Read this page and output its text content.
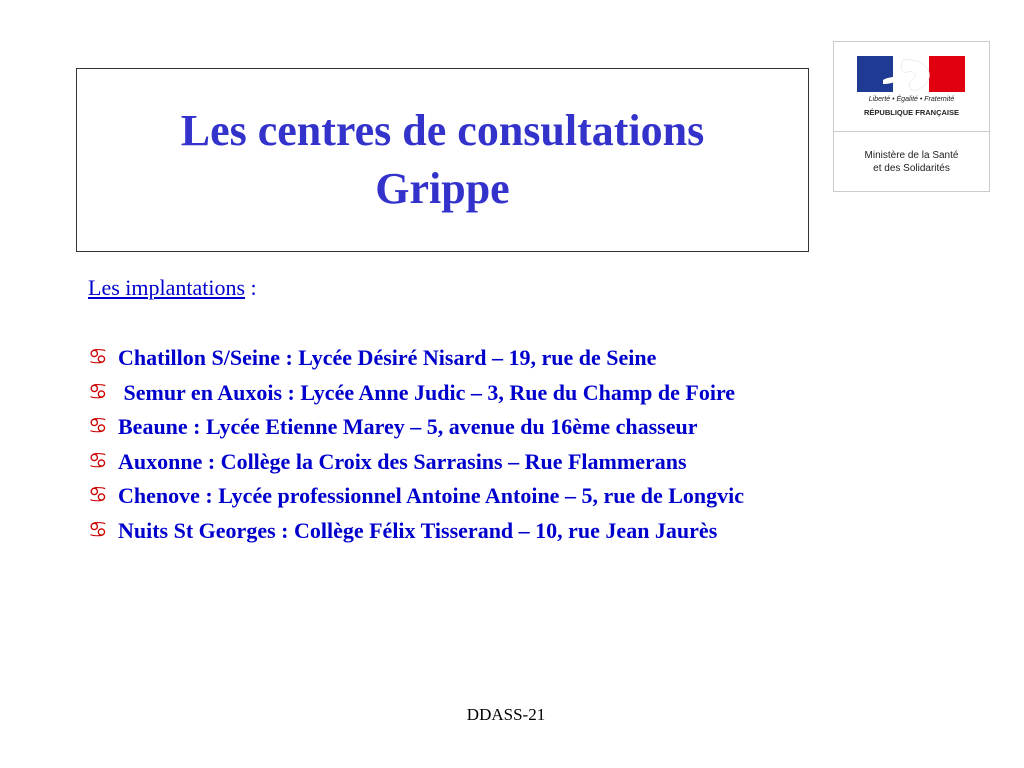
Les centres de consultations
Grippe
Liberté • Égalité • Fraternité
RÉPUBLIQUE FRANÇAISE
Ministère de la Santé
et des Solidarités
Les implantations :
♋ Chatillon S/Seine : Lycée Désiré Nisard – 19, rue de Seine
♋ Semur en Auxois : Lycée Anne Judic – 3, Rue du Champ de Foire
♋ Beaune : Lycée Etienne Marey – 5, avenue du 16ème chasseur
♋ Auxonne : Collège la Croix des Sarrasins – Rue Flammerans
♋ Chenove : Lycée professionnel Antoine Antoine – 5, rue de Longvic
♋ Nuits St Georges : Collège Félix Tisserand – 10, rue Jean Jaurès
DDASS-21
